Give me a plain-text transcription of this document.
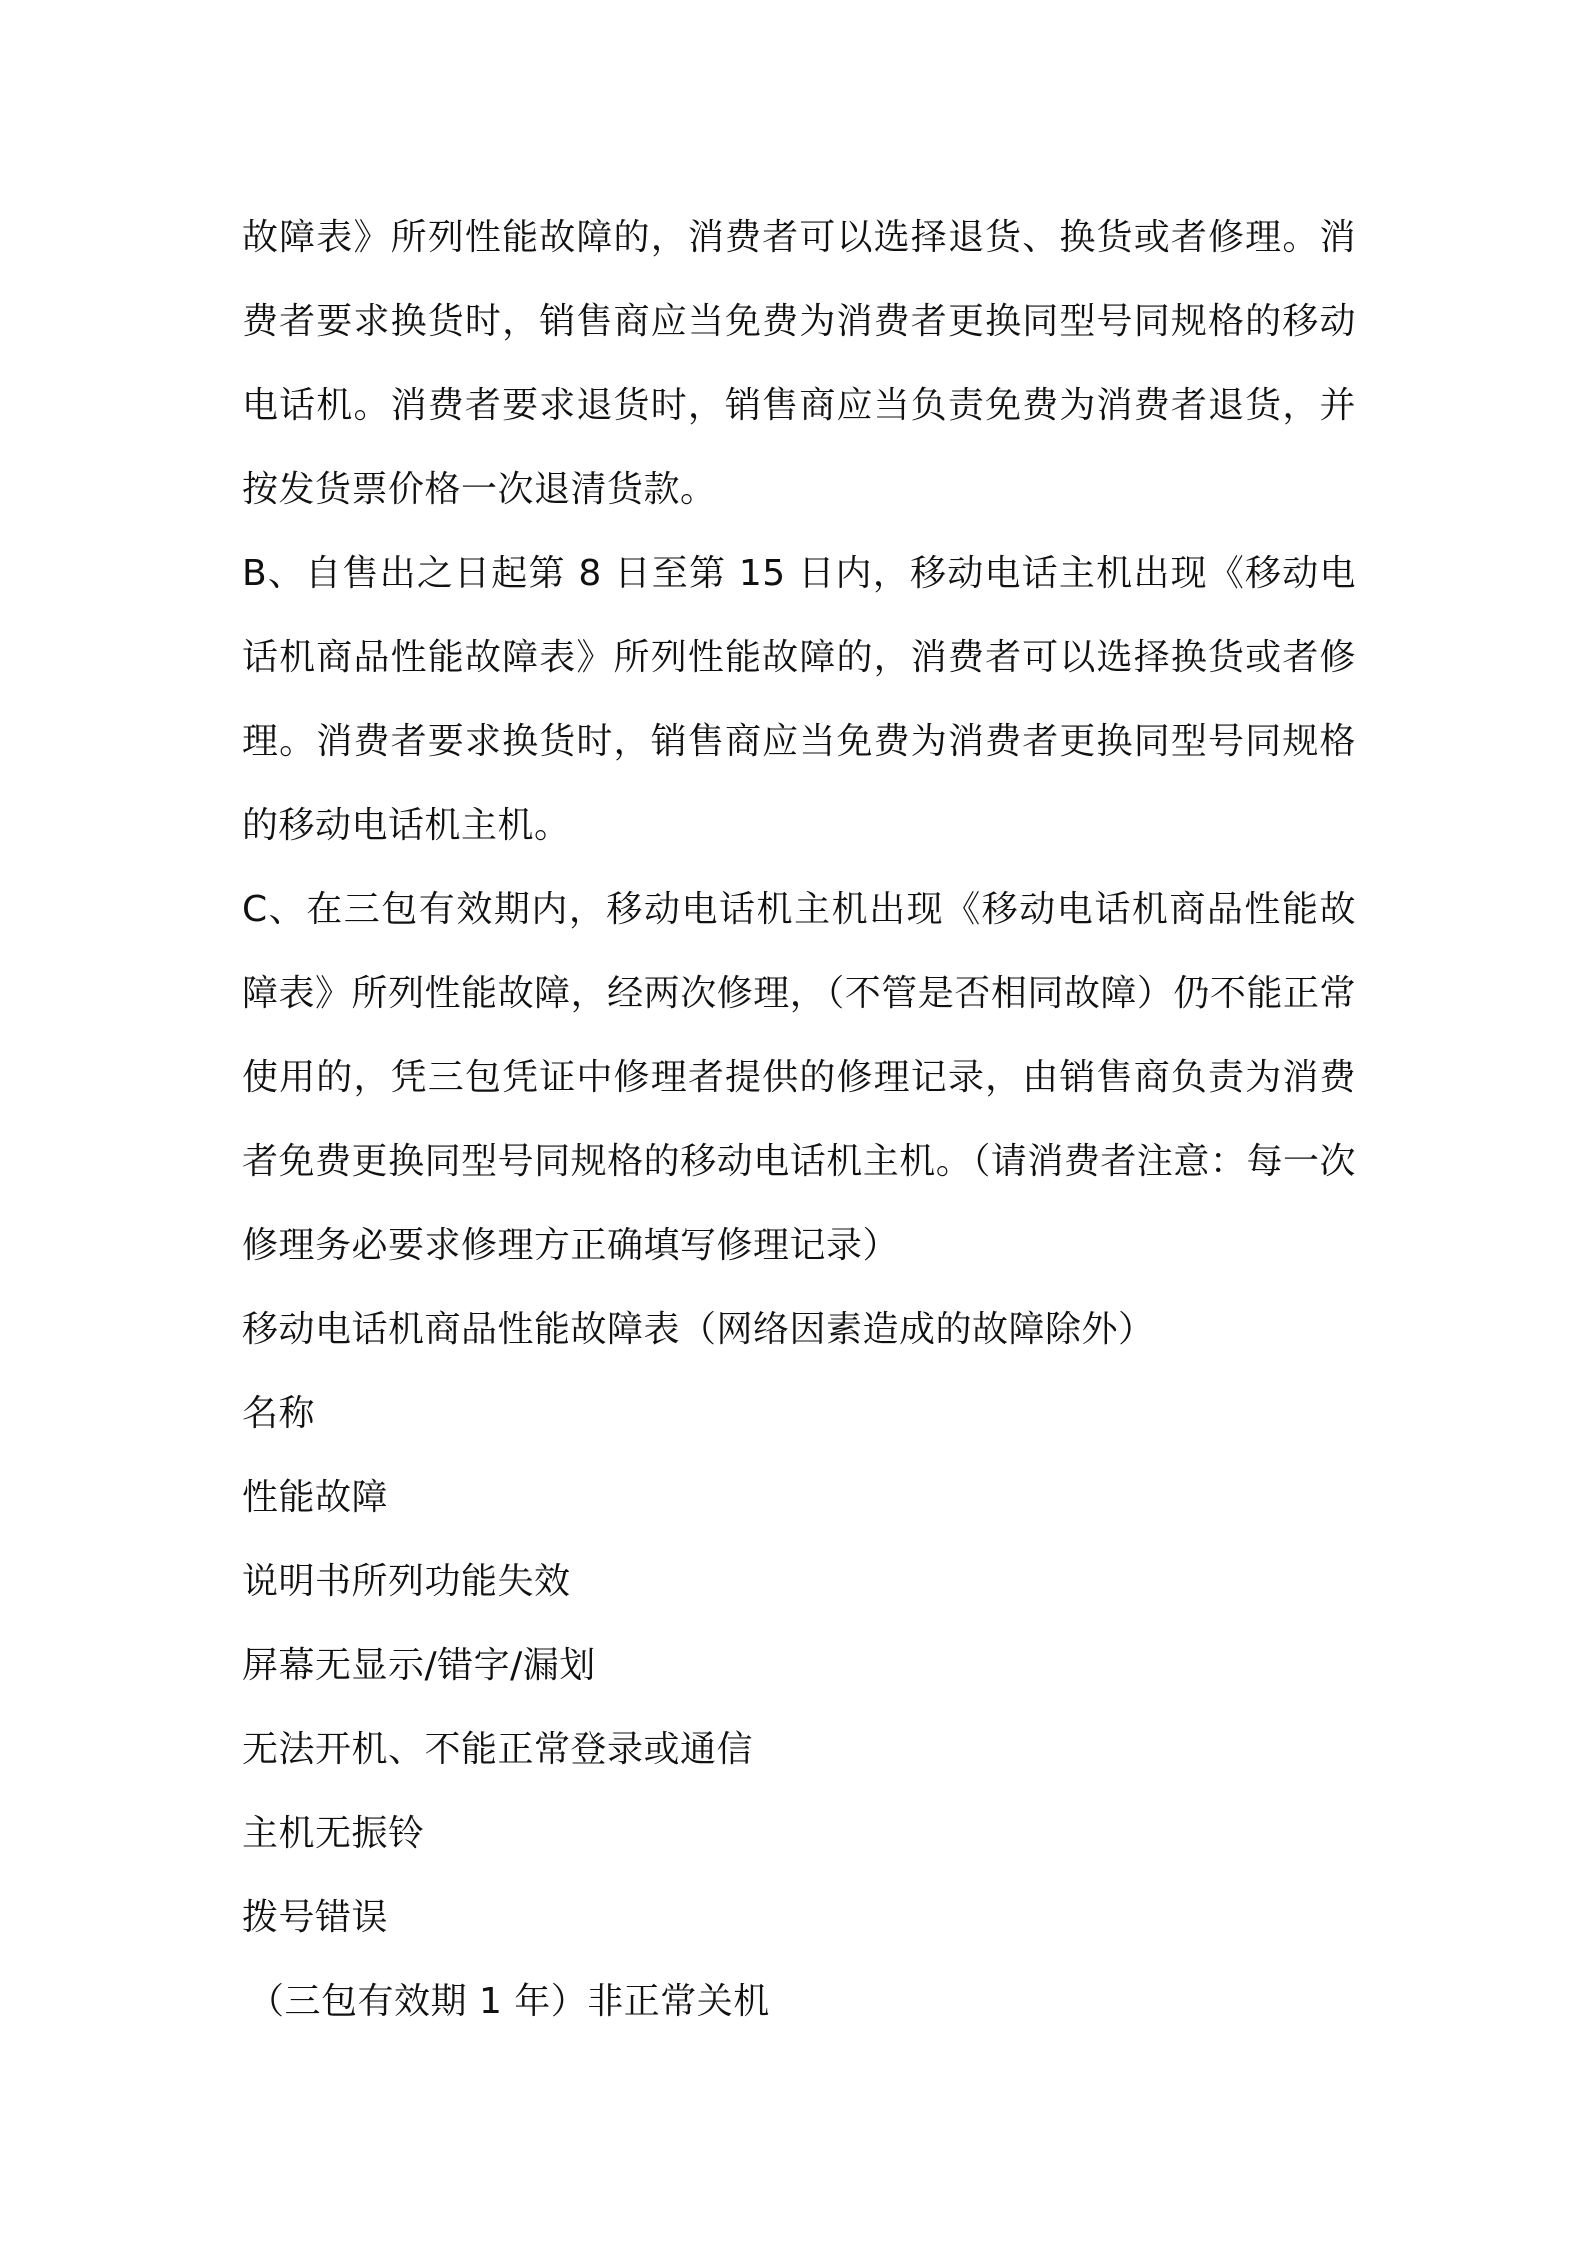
故障表》所列性能故障的，消费者可以选择退货、换货或者修理。消费者要求换货时，销售商应当免费为消费者更换同型号同规格的移动电话机。消费者要求退货时，销售商应当负责免费为消费者退货，并按发货票价格一次退清货款。

B、自售出之日起第 8 日至第 15 日内，移动电话主机出现《移动电话机商品性能故障表》所列性能故障的，消费者可以选择换货或者修理。消费者要求换货时，销售商应当免费为消费者更换同型号同规格的移动电话机主机。

C、在三包有效期内，移动电话机主机出现《移动电话机商品性能故障表》所列性能故障，经两次修理，（不管是否相同故障）仍不能正常使用的，凭三包凭证中修理者提供的修理记录，由销售商负责为消费者免费更换同型号同规格的移动电话机主机。（请消费者注意：每一次修理务必要求修理方正确填写修理记录）

移动电话机商品性能故障表（网络因素造成的故障除外）

名称

性能故障

说明书所列功能失效

屏幕无显示/错字/漏划

无法开机、不能正常登录或通信

主机无振铃

拨号错误

（三包有效期 1 年）非正常关机
